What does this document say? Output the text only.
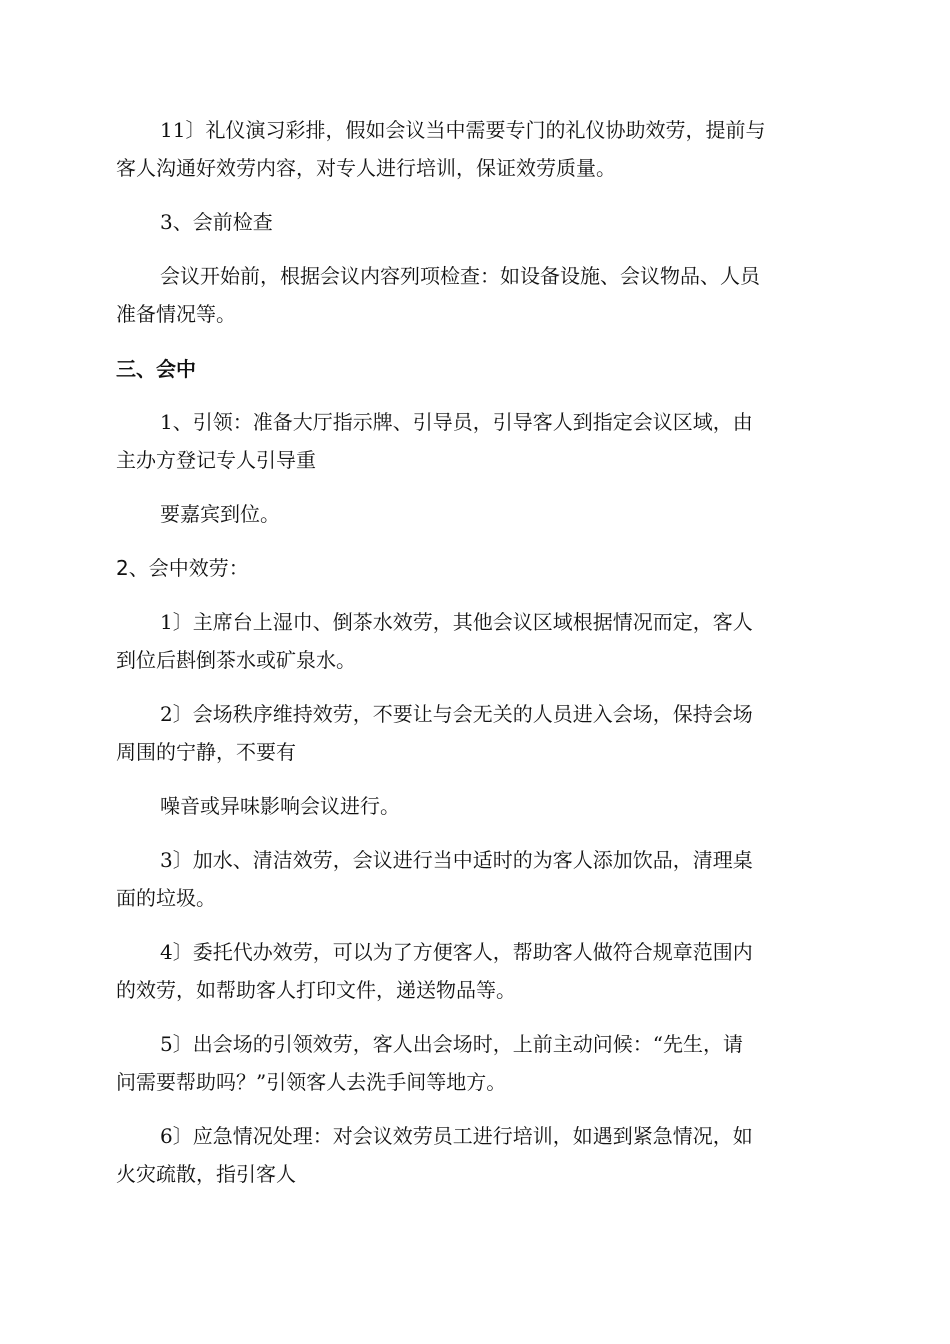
11〕礼仪演习彩排，假如会议当中需要专门的礼仪协助效劳，提前与
客人沟通好效劳内容，对专人进行培训，保证效劳质量。
3、会前检查
会议开始前，根据会议内容列项检查：如设备设施、会议物品、人员
准备情况等。
三、会中
1、引领：准备大厅指示牌、引导员，引导客人到指定会议区域，由
主办方登记专人引导重
要嘉宾到位。
2、会中效劳：
1〕主席台上湿巾、倒茶水效劳，其他会议区域根据情况而定，客人
到位后斟倒茶水或矿泉水。
2〕会场秩序维持效劳，不要让与会无关的人员进入会场，保持会场
周围的宁静，不要有
噪音或异味影响会议进行。
3〕加水、清洁效劳，会议进行当中适时的为客人添加饮品，清理桌
面的垃圾。
4〕委托代办效劳，可以为了方便客人，帮助客人做符合规章范围内
的效劳，如帮助客人打印文件，递送物品等。
5〕出会场的引领效劳，客人出会场时，上前主动问候：“先生，请
问需要帮助吗？”引领客人去洗手间等地方。
6〕应急情况处理：对会议效劳员工进行培训，如遇到紧急情况，如
火灾疏散，指引客人
